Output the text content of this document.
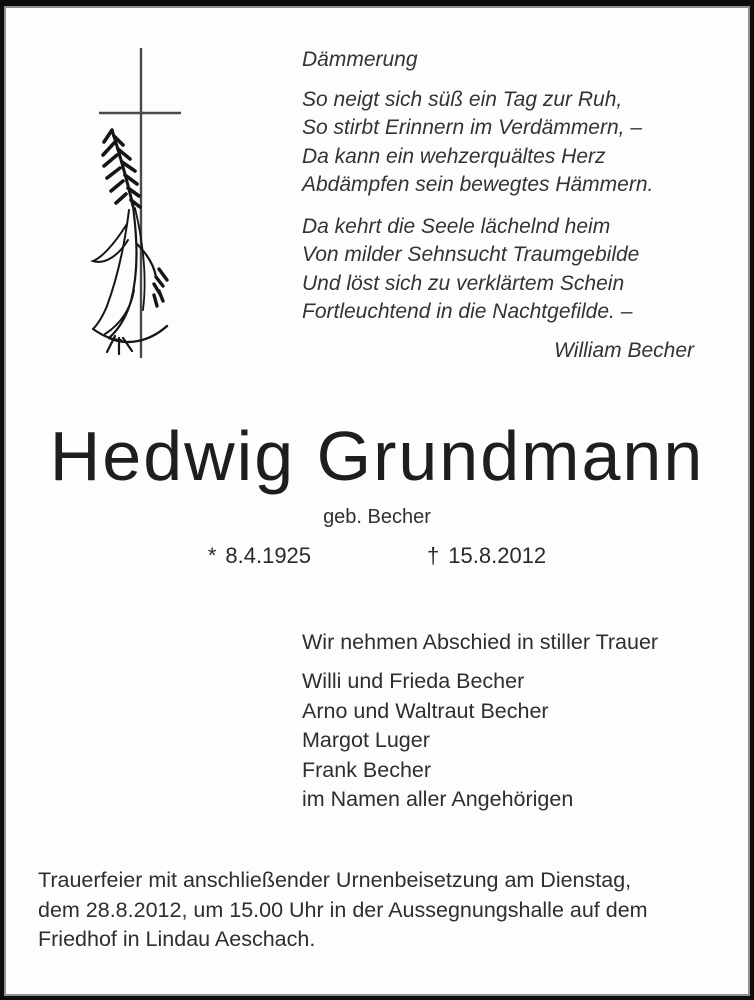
Dämmerung
So neigt sich süß ein Tag zur Ruh,
So stirbt Erinnern im Verdämmern, –
Da kann ein wehzerquältes Herz
Abdämpfen sein bewegtes Hämmern.
Da kehrt die Seele lächelnd heim
Von milder Sehnsucht Traumgebilde
Und löst sich zu verklärtem Schein
Fortleuchtend in die Nachtgefilde. –
William Becher
Hedwig Grundmann
geb. Becher
* 8.4.1925	† 15.8.2012
Wir nehmen Abschied in stiller Trauer
Willi und Frieda Becher
Arno und Waltraut Becher
Margot Luger
Frank Becher
im Namen aller Angehörigen
Trauerfeier mit anschließender Urnenbeisetzung am Dienstag,
dem 28.8.2012, um 15.00 Uhr in der Aussegnungshalle auf dem
Friedhof in Lindau Aeschach.
